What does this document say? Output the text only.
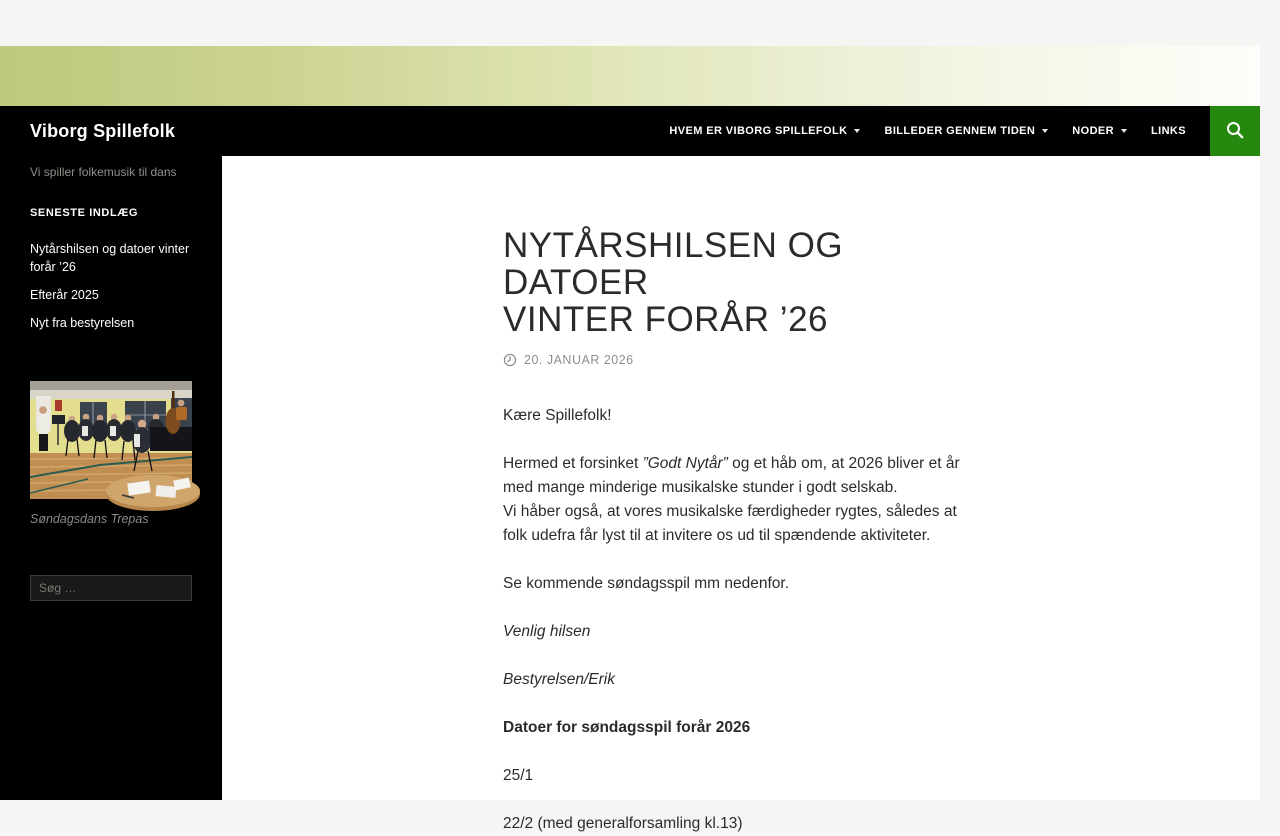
Viborg Spillefolk	HVEM ER VIBORG SPILLEFOLK	BILLEDER GENNEM TIDEN	NODER	LINKS
Vi spiller folkemusik til dans
SENESTE INDLÆG
Nytårshilsen og datoer vinter forår ’26
Efterår 2025
Nyt fra bestyrelsen
Søndagsdans Trepas
Søg …
NYTÅRSHILSEN OG DATOER
VINTER FORÅR ’26
20. JANUAR 2026

Kære Spillefolk!

Hermed et forsinket ”Godt Nytår” og et håb om, at 2026 bliver et år med mange minderige musikalske stunder i godt selskab.
Vi håber også, at vores musikalske færdigheder rygtes, således at folk udefra får lyst til at invitere os ud til spændende aktiviteter.

Se kommende søndagsspil mm nedenfor.

Venlig hilsen

Bestyrelsen/Erik

Datoer for søndagsspil forår 2026

25/1

22/2 (med generalforsamling kl.13)
